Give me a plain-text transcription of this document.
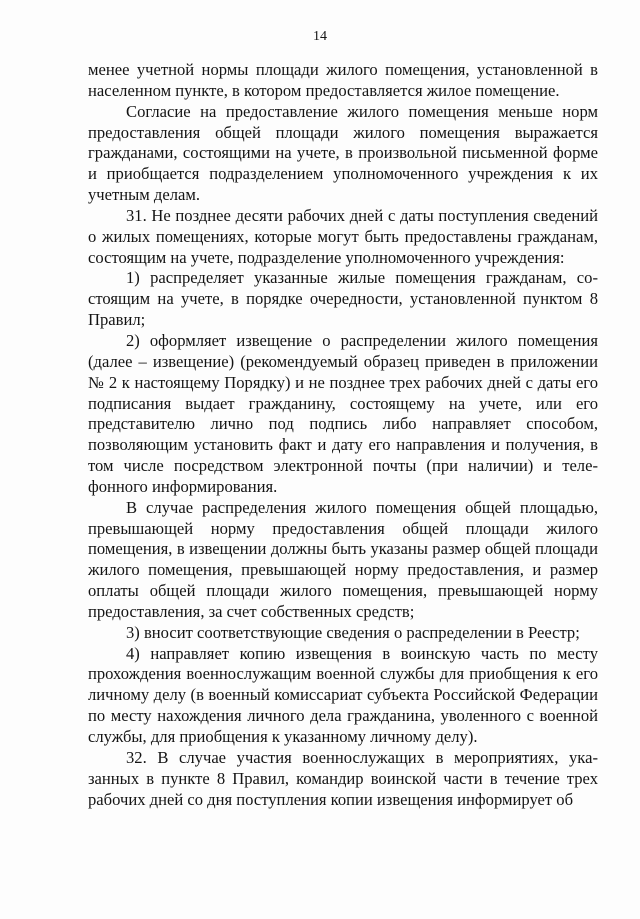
14

менее учетной нормы площади жилого помещения, установленной в населенном пункте, в котором предоставляется жилое помещение.

Согласие на предоставление жилого помещения меньше норм предоставления общей площади жилого помещения выражается гражданами, состоящими на учете, в произвольной письменной форме и приобщается подразделением уполномоченного учреждения к их учетным делам.

31. Не позднее десяти рабочих дней с даты поступления сведений о жилых помещениях, которые могут быть предоставлены гражданам, состоящим на учете, подразделение уполномоченного учреждения:

1) распределяет указанные жилые помещения гражданам, состоящим на учете, в порядке очередности, установленной пунктом 8 Правил;

2) оформляет извещение о распределении жилого помещения (далее – извещение) (рекомендуемый образец приведен в приложении № 2 к настоящему Порядку) и не позднее трех рабочих дней с даты его подписания выдает гражданину, состоящему на учете, или его представителю лично под подпись либо направляет способом, позволяющим установить факт и дату его направления и получения, в том числе посредством электронной почты (при наличии) и телефонного информирования.

В случае распределения жилого помещения общей площадью, превышающей норму предоставления общей площади жилого помещения, в извещении должны быть указаны размер общей площади жилого помещения, превышающей норму предоставления, и размер оплаты общей площади жилого помещения, превышающей норму предоставления, за счет собственных средств;

3) вносит соответствующие сведения о распределении в Реестр;

4) направляет копию извещения в воинскую часть по месту прохождения военнослужащим военной службы для приобщения к его личному делу (в военный комиссариат субъекта Российской Федерации по месту нахождения личного дела гражданина, уволенного с военной службы, для приобщения к указанному личному делу).

32. В случае участия военнослужащих в мероприятиях, указанных в пункте 8 Правил, командир воинской части в течение трех рабочих дней со дня поступления копии извещения информирует об
